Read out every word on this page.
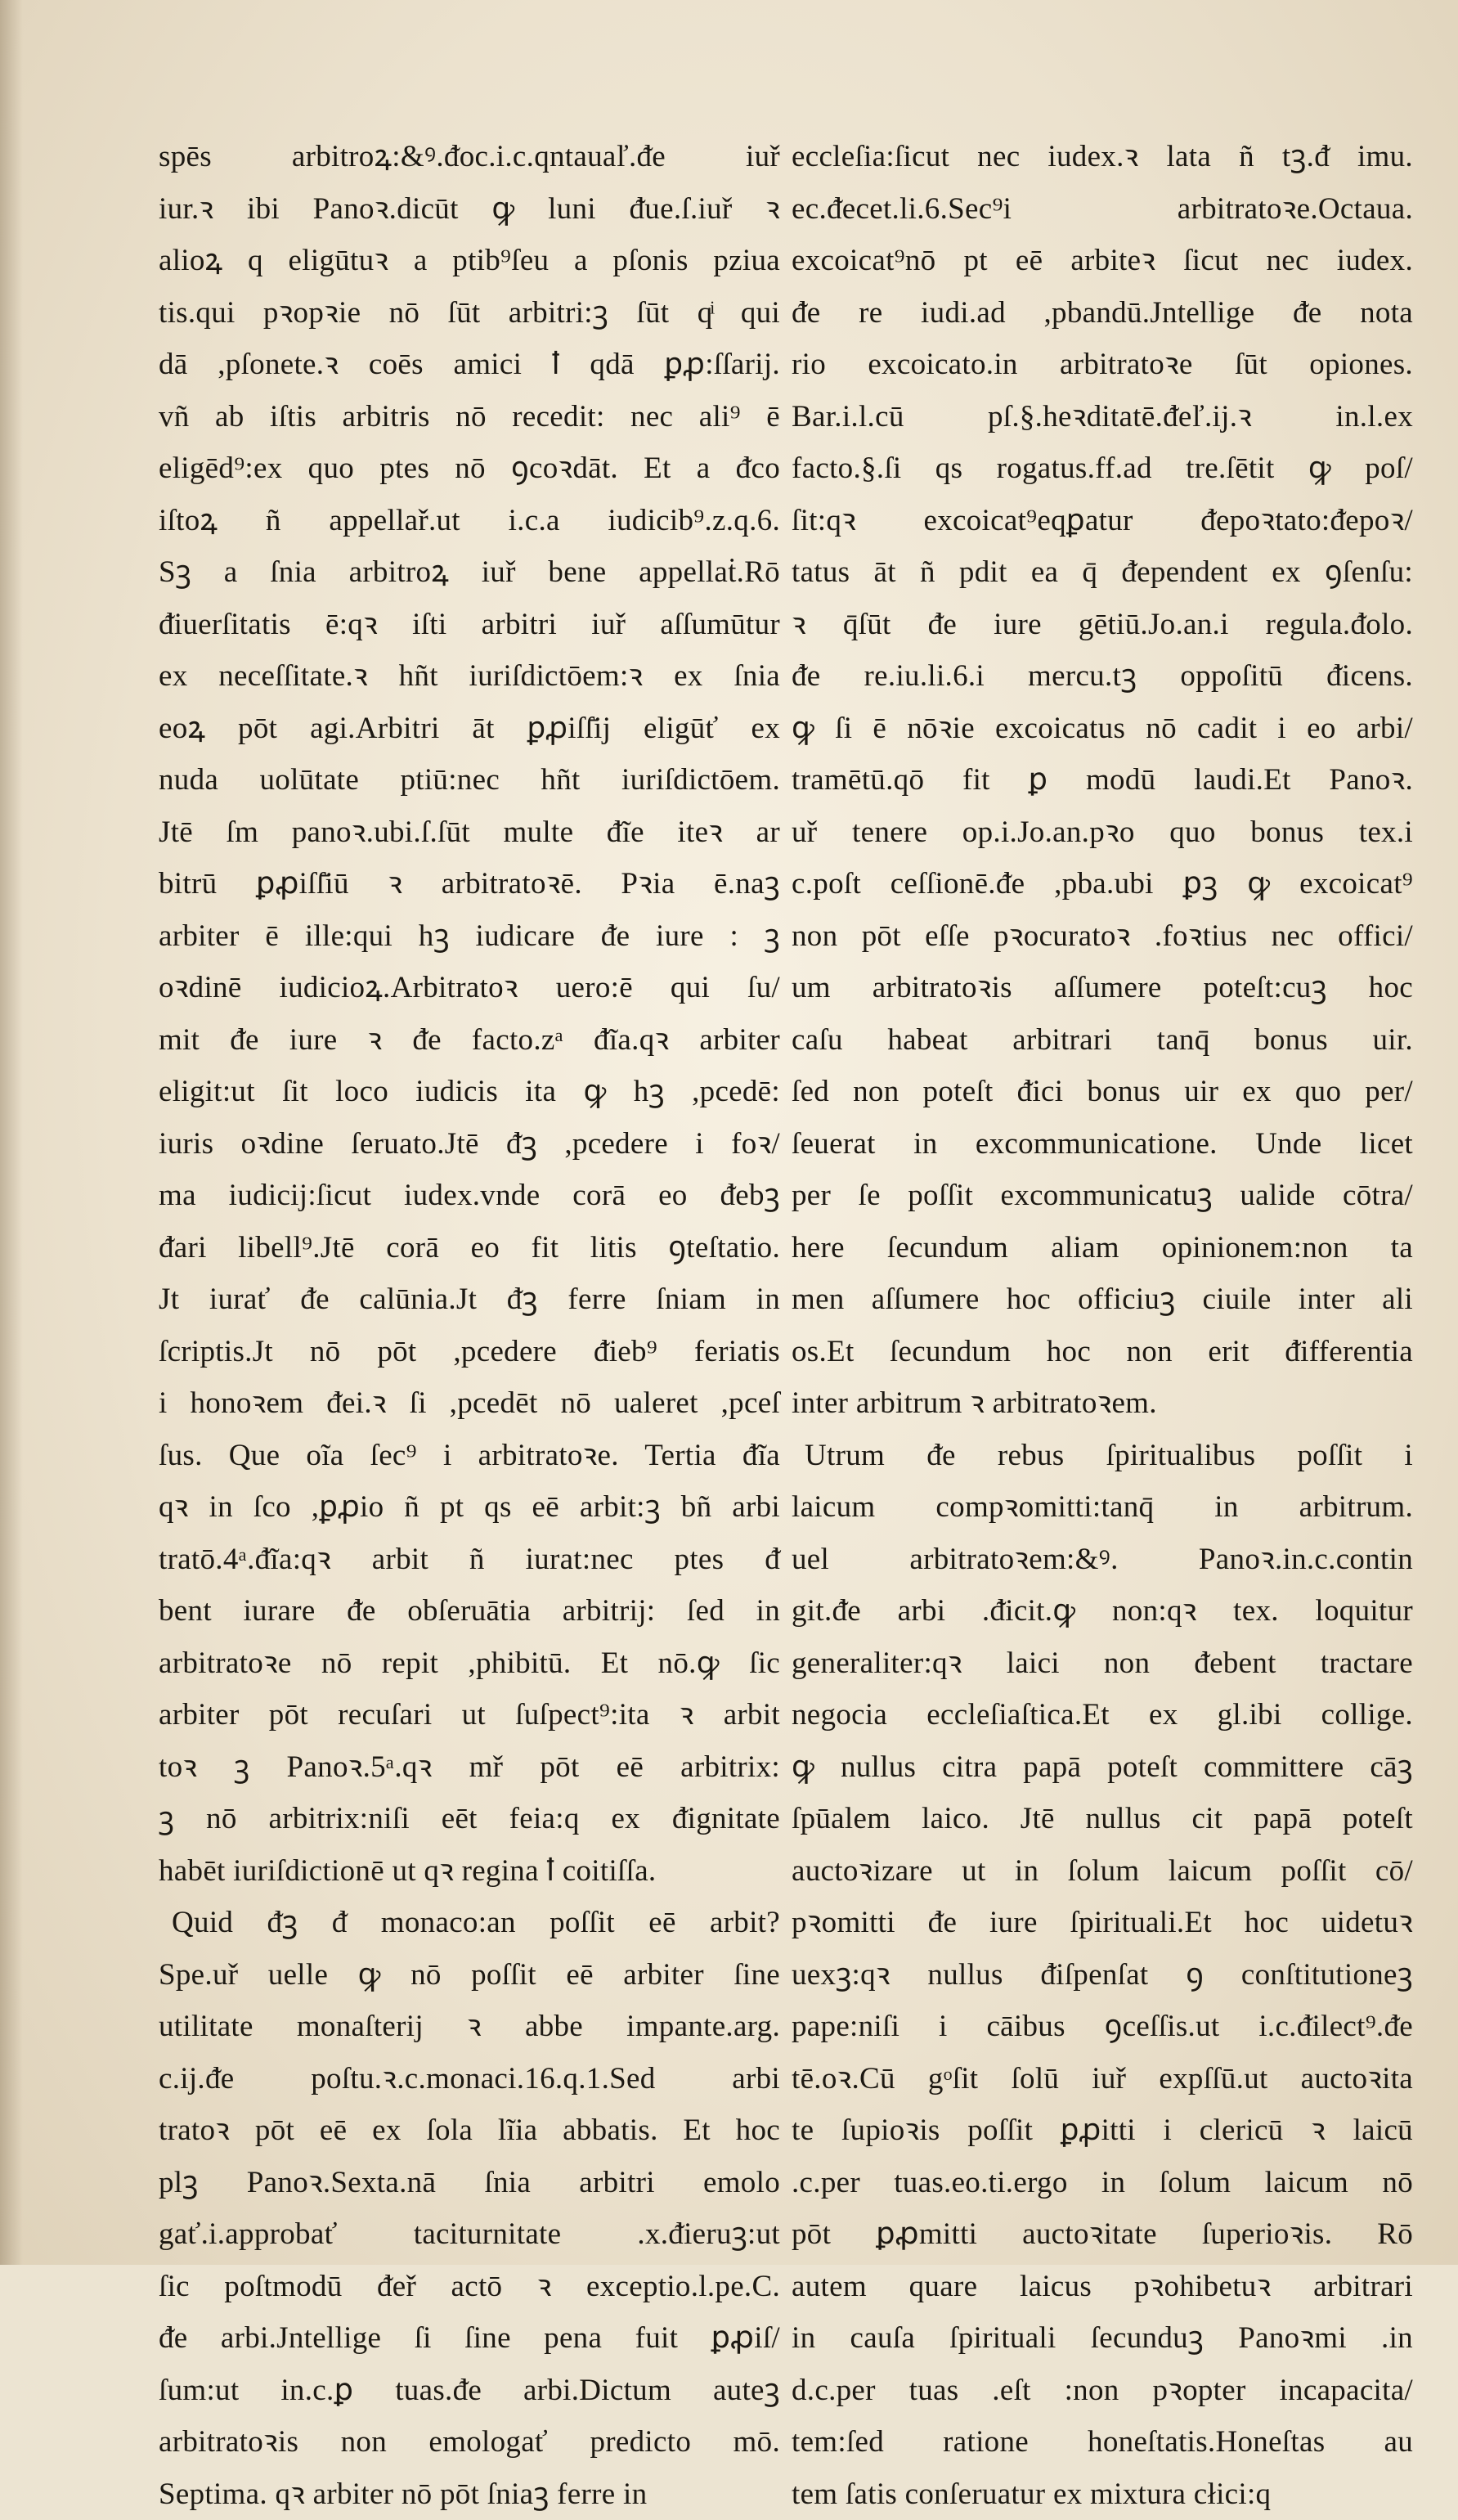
spēs arbitroꝝ:&ꝰ.ᵭoc.i.c.qntauaľ.ᵭe iuř
iur.ꝛ ibi Panoꝛ.dicūt ꝙ luni ᵭue.ſ.iuř ꝛ
alioꝝ q eligūtuꝛ a ptib⁹ſeu a pſonis pziua
tis.qui pꝛopꝛie nō ſūt arbitri:ꝫ ſūt qͥ qui
dā ,pſonete.ꝛ coēs amici ꝉ qdā ꝑꝓ:ſſarij.
vñ ab iſtis arbitris nō recedit: nec ali⁹ ē
eligēd⁹:ex quo ptes nō ꝯcoꝛdāt. Et a ᵭco
iſtoꝝ ñ appellař.ut i.c.a iudicib⁹.z.q.6.
Sꝫ a ſnia arbitroꝝ iuř bene appellaṫ.Rō
ᵭiuerſitatis ē:qꝛ iſti arbitri iuř aſſumūtur
ex neceſſitate.ꝛ hñt iuriſdictōem:ꝛ ex ſnia
eoꝝ pōt agi.Arbitri āt ꝑꝓiſſ̄ij eligūť ex
nuda uolūtate ptiū:nec hñt iuriſdictōem.
Jtē ſm panoꝛ.ubi.ſ.ſūt multe ᵭĩe iteꝛ ar
bitrū ꝑꝓiſſ̄iū ꝛ arbitratoꝛē. Pꝛia ē.naꝫ
arbiter ē ille:qui hꝫ iudicare ᵭe iure : ꝫ
oꝛdinē iudicioꝝ.Arbitratoꝛ uero:ē qui ſu/
mit ᵭe iure ꝛ ᵭe facto.zᵃ ᵭĩa.qꝛ arbiter
eligit:ut ſit loco iudicis ita ꝙ hꝫ ,pcedē:
iuris oꝛdine ſeruato.Jtē ᵭꝫ ,pcedere i foꝛ/
ma iudicij:ſicut iudex.vnde corā eo ᵭebꝫ
ᵭari libell⁹.Jtē corā eo fit litis ꝯteſtatio.
Jt iurať ᵭe calūnia.Jt ᵭꝫ ferre ſniam in
ſcriptis.Jt nō pōt ,pcedere ᵭieb⁹ feriatis
i honoꝛem ᵭei.ꝛ ſi ,pcedēt nō ualeret ,pceſ
ſus. Que oĩa ſec⁹ i arbitratoꝛe. Tertia ᵭĩa
qꝛ in ſco ,ꝑꝓio ñ pt qs eē arbit:ꝫ bñ arbi
tratō.4ᵃ.ᵭĩa:qꝛ arbit ñ iurat:nec ptes ᵭ
bent iurare ᵭe obſeruātia arbitrij: ſed in
arbitratoꝛe nō repit ,phibitū. Et nō.ꝙ ſic
arbiter pōt recuſari ut ſuſpect⁹:ita ꝛ arbit
toꝛ ꝫ Panoꝛ.5ᵃ.qꝛ mř pōt eē arbitrix:
ꝫ nō arbitrix:niſi eēt feia:q ex ᵭignitate
habēt iuriſdictionē ut qꝛ regina ꝉ coitiſſa.
Quid ᵭꝫ ᵭ monaco:an poſſit eē arbit?
Spe.uř uelle ꝙ nō poſſit eē arbiter ſine
utilitate monaſterij ꝛ abbe impante.arg.
c.ij.ᵭe poſtu.ꝛ.c.monaci.16.q.1.Sed arbi
tratoꝛ pōt eē ex ſola lĩia abbatis. Et hoc
plꝫ Panoꝛ.Sexta.nā ſnia arbitri emolo
gať.i.approbať taciturnitate .x.ᵭieruꝫ:ut
ſic poſtmodū ᵭeř actō ꝛ exceptio.l.pe.C.
ᵭe arbi.Jntellige ſi ſine pena fuit ꝑꝓiſ/
ſum:ut in.c.ꝑ tuas.ᵭe arbi.Dictum auteꝫ
arbitratoꝛis non emologať predicto mō.
Septima. qꝛ arbiter nō pōt ſniaꝫ ferre in
eccleſia:ſicut nec iudex.ꝛ lata ñ tꝫ.ᵭ imu.
ec.ᵭecet.li.6.Sec⁹i arbitratoꝛe.Octaua.
excoicat⁹nō pt eē arbiteꝛ ſicut nec iudex.
ᵭe re iudi.ad ,pbandū.Jntellige ᵭe nota
rio excoicato.in arbitratoꝛe ſūt opiones.
Bar.i.l.cū pſ.§.heꝛditatē.ᵭeľ.ij.ꝛ in.l.ex
facto.§.ſi qs rogatus.ff.ad tre.ſētit ꝙ poſ/
ſit:qꝛ excoicat⁹eqꝑatur ᵭepoꝛtato:ᵭepoꝛ/
tatus āt ñ pdit ea q̄ ᵭependent ex ꝯſenſu:
ꝛ q̄ſūt ᵭe iure gētiū.Jo.an.i regula.ᵭolo.
ᵭe re.iu.li.6.i mercu.tꝫ oppoſitū ᵭicens.
ꝙ ſi ē nōꝛie excoicatus nō cadit i eo arbi/
tramētū.qō fit ꝑ modū laudi.Et Panoꝛ.
uř tenere op.i.Jo.an.pꝛo quo bonus tex.i
c.poſt ceſſionē.ᵭe ,pba.ubi ꝑꝫ ꝙ excoicat⁹
non pōt eſſe pꝛocuratoꝛ .foꝛtius nec offici/
um arbitratoꝛis aſſumere poteſt:cuꝫ hoc
caſu habeat arbitrari tanq̄ bonus uir.
ſed non poteſt ᵭici bonus uir ex quo per/
ſeuerat in excommunicatione. Unde licet
per ſe poſſit excommunicatuꝫ ualide cōtra/
here ſecundum aliam opinionem:non ta
men aſſumere hoc officiuꝫ ciuile inter ali
os.Et ſecundum hoc non erit ᵭifferentia
inter arbitrum ꝛ arbitratoꝛem.
Utrum ᵭe rebus ſpiritualibus poſſit i
laicum compꝛomitti:tanq̄ in arbitrum.
uel arbitratoꝛem:&ꝰ. Panoꝛ.in.c.contin
git.ᵭe arbi .ᵭicit.ꝙ non:qꝛ tex. loquitur
generaliter:qꝛ laici non ᵭebent tractare
negocia eccleſiaſtica.Et ex gl.ibi collige.
ꝙ nullus citra papā poteſt committere cāꝫ
ſpūalem laico. Jtē nullus cit papā poteſt
auctoꝛizare ut in ſolum laicum poſſit cō/
pꝛomitti ᵭe iure ſpirituali.Et hoc uidetuꝛ
uexꝫ:qꝛ nullus ᵭiſpenſat ꝯ conſtitutioneꝫ
pape:niſi i cāibus ꝯceſſis.ut i.c.ᵭilect⁹.ᵭe
tē.oꝛ.Cū gᵒſit ſolū iuř expſſū.ut auctoꝛita
te ſupioꝛis poſſit ꝑꝓitti i clericū ꝛ laicū
.c.per tuas.eo.ti.ergo in ſolum laicum nō
pōt ꝑꝓmitti auctoꝛitate ſuperioꝛis. Rō
autem quare laicus pꝛohibetuꝛ arbitrari
in cauſa ſpirituali ſecunduꝫ Panoꝛmi .in
d.c.per tuas .eſt :non pꝛopter incapacita/
tem:ſed ratione honeſtatis.Honeſtas au
tem ſatis conſeruatur ex mixtura cłici:q
